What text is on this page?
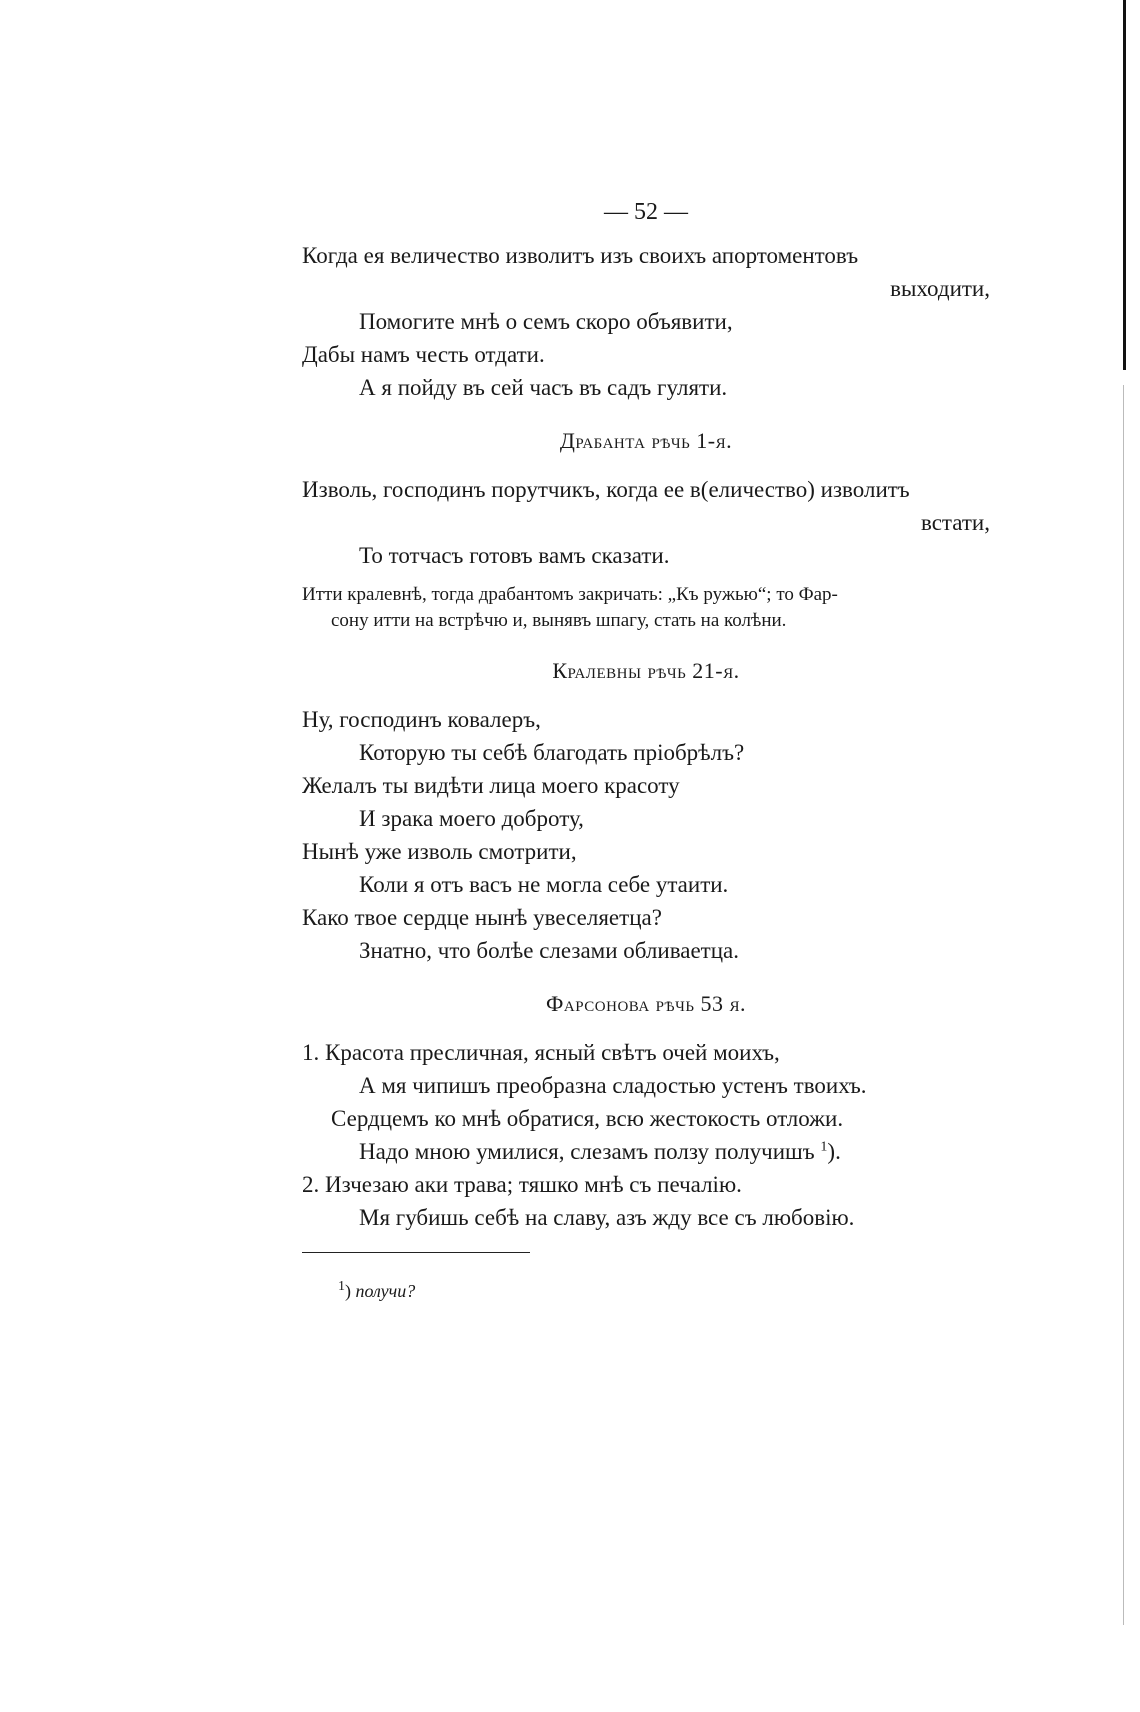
— 52 —
Когда ея величество изволитъ изъ своихъ апортоментовъ
выходити,
Помогите мнѣ о семъ скоро объявити,
Дабы намъ честь отдати.
А я пойду въ сей часъ въ садъ гуляти.
Драбанта рѣчь 1-я.
Изволь, господинъ порутчикъ, когда ее в(еличество) изволитъ
встати,
То тотчасъ готовъ вамъ сказати.
Итти кралевнѣ, тогда драбантомъ закричать: „Къ ружью“; то Фар-
сону итти на встрѣчю и, вынявъ шпагу, стать на колѣни.
Кралевны рѣчь 21-я.
Ну, господинъ ковалеръ,
Которую ты себѣ благодать пріобрѣлъ?
Желалъ ты видѣти лица моего красоту
И зрака моего доброту,
Нынѣ уже изволь смотрити,
Коли я отъ васъ не могла себе утаити.
Како твое сердце нынѣ увеселяетца?
Знатно, что болѣе слезами обливаетца.
Фарсонова рѣчь 53 я.
1. Красота пресличная, ясный свѣтъ очей моихъ,
А мя чипишъ преобразна сладостью устенъ твоихъ.
Сердцемъ ко мнѣ обратися, всю жестокость отложи.
Надо мною умилися, слезамъ ползу получишъ $^1$).
2. Изчезаю аки трава; тяшко мнѣ съ печалію.
Мя губишь себѣ на славу, азъ жду все съ любовію.
$^1$) получи?
